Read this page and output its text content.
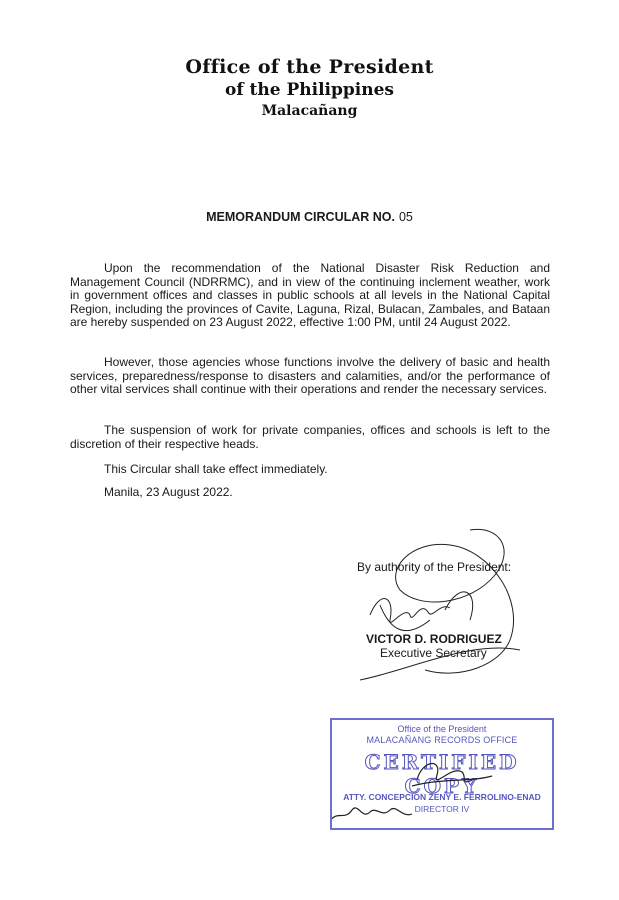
Office of the President
of the Philippines
Malacañang
MEMORANDUM CIRCULAR NO. 05

Upon the recommendation of the National Disaster Risk Reduction and Management Council (NDRRMC), and in view of the continuing inclement weather, work in government offices and classes in public schools at all levels in the National Capital Region, including the provinces of Cavite, Laguna, Rizal, Bulacan, Zambales, and Bataan are hereby suspended on 23 August 2022, effective 1:00 PM, until 24 August 2022.

However, those agencies whose functions involve the delivery of basic and health services, preparedness/response to disasters and calamities, and/or the performance of other vital services shall continue with their operations and render the necessary services.

The suspension of work for private companies, offices and schools is left to the discretion of their respective heads.

This Circular shall take effect immediately.

Manila, 23 August 2022.

By authority of the President:
VICTOR D. RODRIGUEZ
Executive Secretary
Office of the President
MALACAÑANG RECORDS OFFICE
CERTIFIED COPY
ATTY. CONCEPCION ZENY E. FERROLINO-ENAD
DIRECTOR IV
